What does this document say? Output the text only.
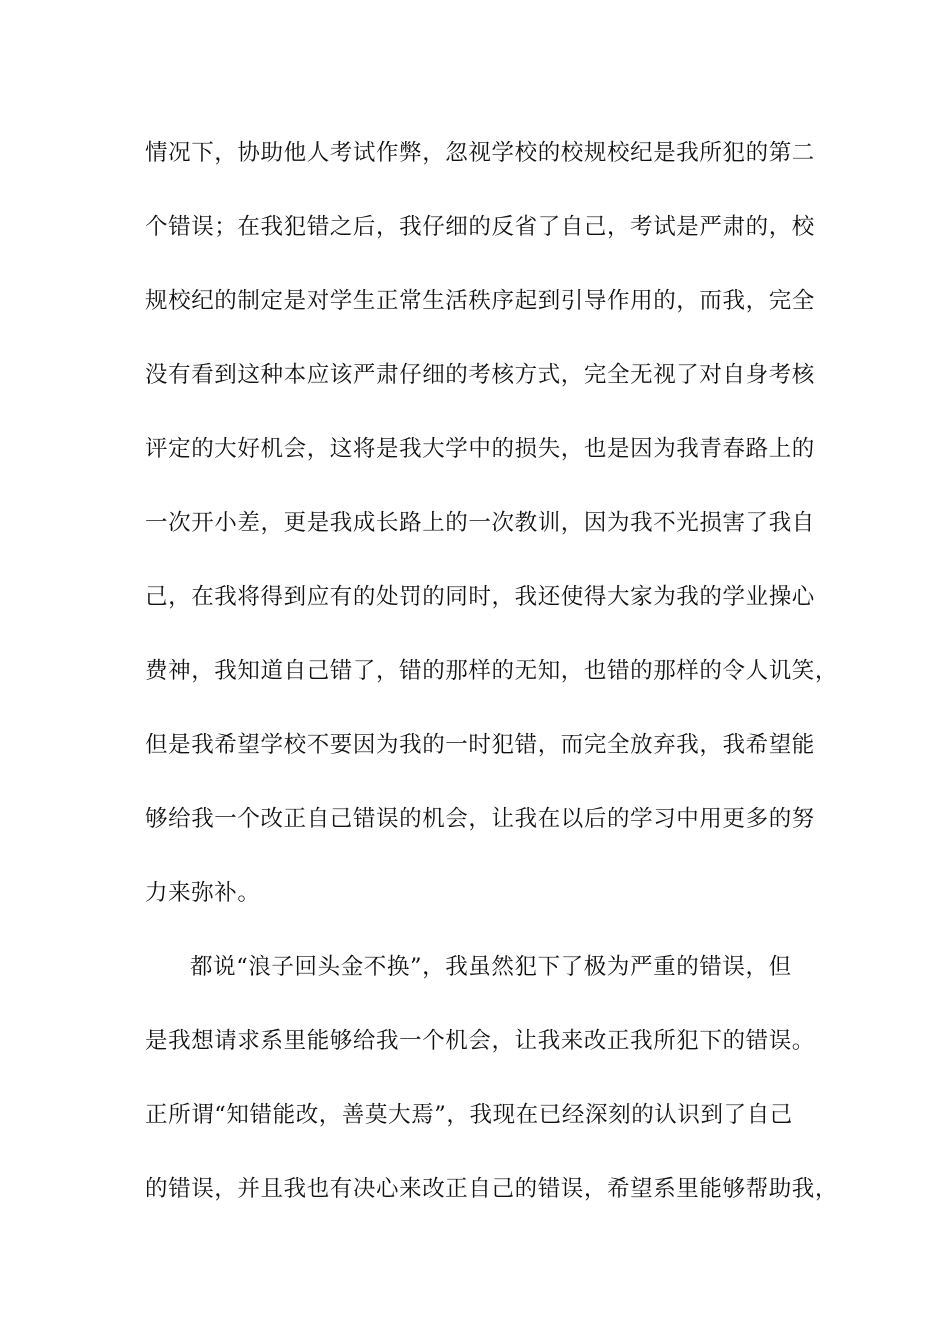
情况下，协助他人考试作弊，忽视学校的校规校纪是我所犯的第二
个错误；在我犯错之后，我仔细的反省了自己，考试是严肃的，校
规校纪的制定是对学生正常生活秩序起到引导作用的，而我，完全
没有看到这种本应该严肃仔细的考核方式，完全无视了对自身考核
评定的大好机会，这将是我大学中的损失，也是因为我青春路上的
一次开小差，更是我成长路上的一次教训，因为我不光损害了我自
己，在我将得到应有的处罚的同时，我还使得大家为我的学业操心
费神，我知道自己错了，错的那样的无知，也错的那样的令人讥笑，
但是我希望学校不要因为我的一时犯错，而完全放弃我，我希望能
够给我一个改正自己错误的机会，让我在以后的学习中用更多的努
力来弥补。
都说“浪子回头金不换”，我虽然犯下了极为严重的错误，但
是我想请求系里能够给我一个机会，让我来改正我所犯下的错误。
正所谓“知错能改，善莫大焉”，我现在已经深刻的认识到了自己
的错误，并且我也有决心来改正自己的错误，希望系里能够帮助我，
